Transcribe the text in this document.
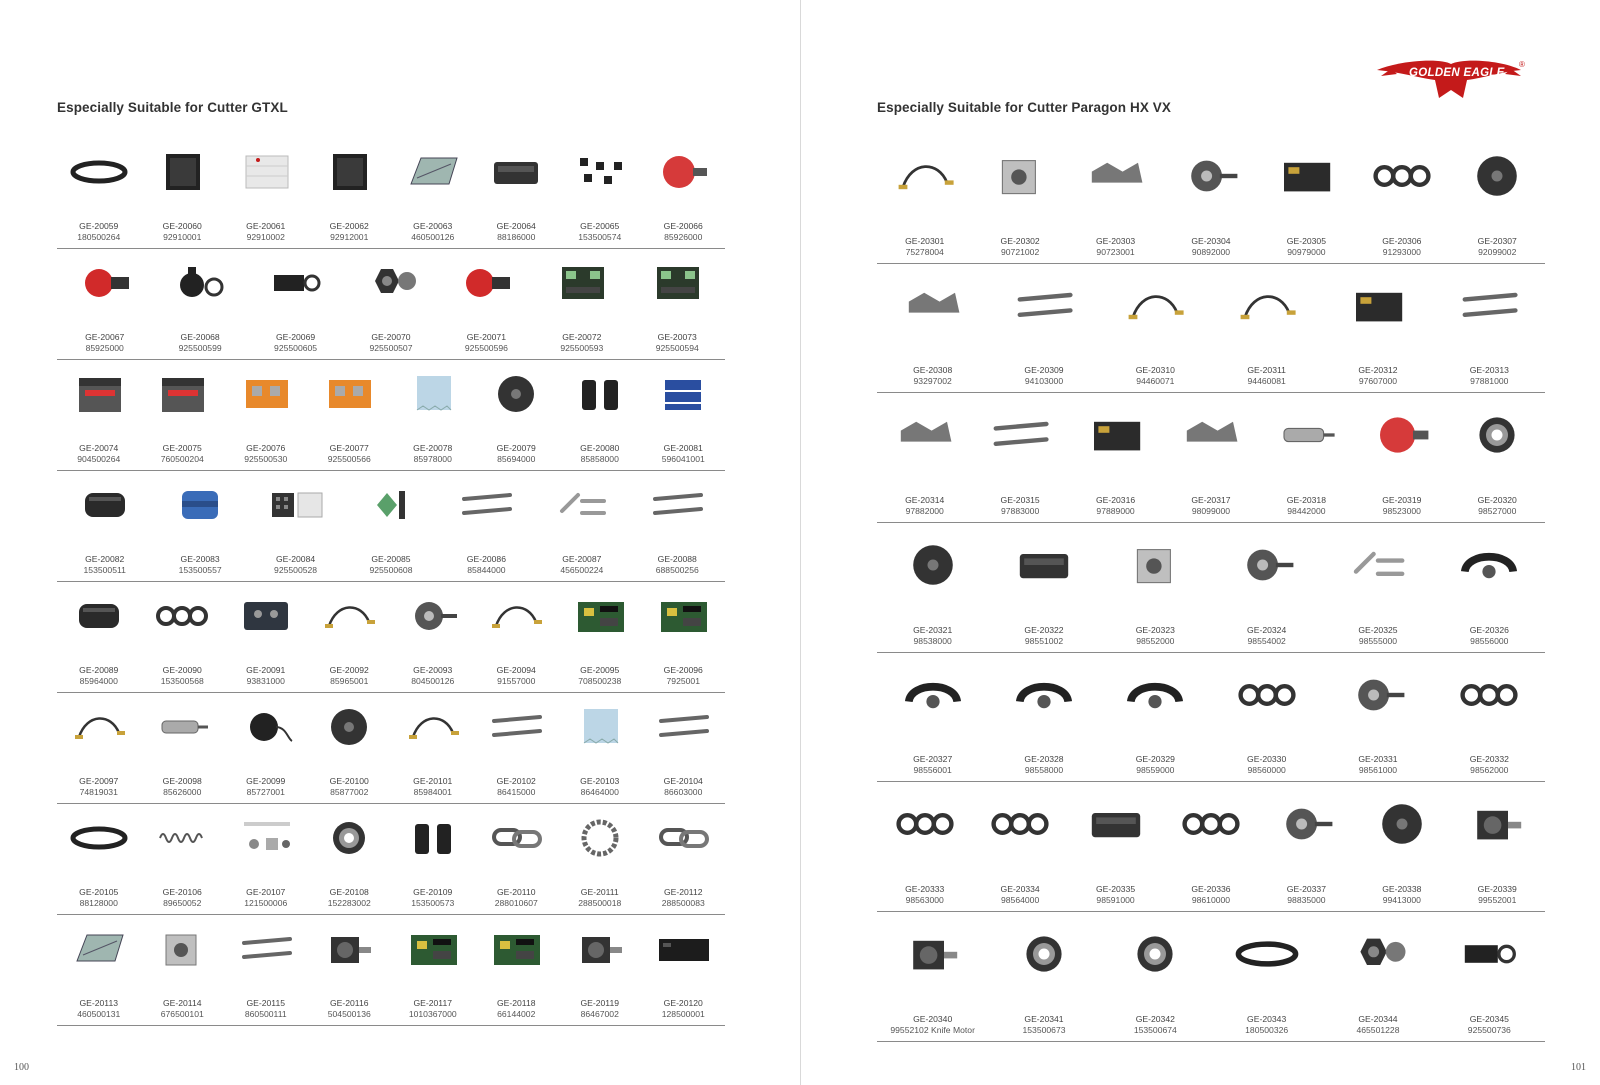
Especially Suitable for Cutter GTXL
GE-20059
180500264
GE-20060
92910001
GE-20061
92910002
GE-20062
92912001
GE-20063
460500126
GE-20064
88186000
GE-20065
153500574
GE-20066
85926000
GE-20067
85925000
GE-20068
925500599
GE-20069
925500605
GE-20070
925500507
GE-20071
925500596
GE-20072
925500593
GE-20073
925500594
GE-20074
904500264
GE-20075
760500204
GE-20076
925500530
GE-20077
925500566
GE-20078
85978000
GE-20079
85694000
GE-20080
85858000
GE-20081
596041001
GE-20082
153500511
GE-20083
153500557
GE-20084
925500528
GE-20085
925500608
GE-20086
85844000
GE-20087
456500224
GE-20088
688500256
GE-20089
85964000
GE-20090
153500568
GE-20091
93831000
GE-20092
85965001
GE-20093
804500126
GE-20094
91557000
GE-20095
708500238
GE-20096
7925001
GE-20097
74819031
GE-20098
85626000
GE-20099
85727001
GE-20100
85877002
GE-20101
85984001
GE-20102
86415000
GE-20103
86464000
GE-20104
86603000
GE-20105
88128000
GE-20106
89650052
GE-20107
121500006
GE-20108
152283002
GE-20109
153500573
GE-20110
288010607
GE-20111
288500018
GE-20112
288500083
GE-20113
460500131
GE-20114
676500101
GE-20115
860500111
GE-20116
504500136
GE-20117
1010367000
GE-20118
66144002
GE-20119
86467002
GE-20120
128500001
100
GOLDEN EAGLE
®
Especially Suitable for Cutter Paragon HX VX
GE-20301
75278004
GE-20302
90721002
GE-20303
90723001
GE-20304
90892000
GE-20305
90979000
GE-20306
91293000
GE-20307
92099002
GE-20308
93297002
GE-20309
94103000
GE-20310
94460071
GE-20311
94460081
GE-20312
97607000
GE-20313
97881000
GE-20314
97882000
GE-20315
97883000
GE-20316
97889000
GE-20317
98099000
GE-20318
98442000
GE-20319
98523000
GE-20320
98527000
GE-20321
98538000
GE-20322
98551002
GE-20323
98552000
GE-20324
98554002
GE-20325
98555000
GE-20326
98556000
GE-20327
98556001
GE-20328
98558000
GE-20329
98559000
GE-20330
98560000
GE-20331
98561000
GE-20332
98562000
GE-20333
98563000
GE-20334
98564000
GE-20335
98591000
GE-20336
98610000
GE-20337
98835000
GE-20338
99413000
GE-20339
99552001
GE-20340
99552102 Knife Motor
GE-20341
153500673
GE-20342
153500674
GE-20343
180500326
GE-20344
465501228
GE-20345
925500736
101
